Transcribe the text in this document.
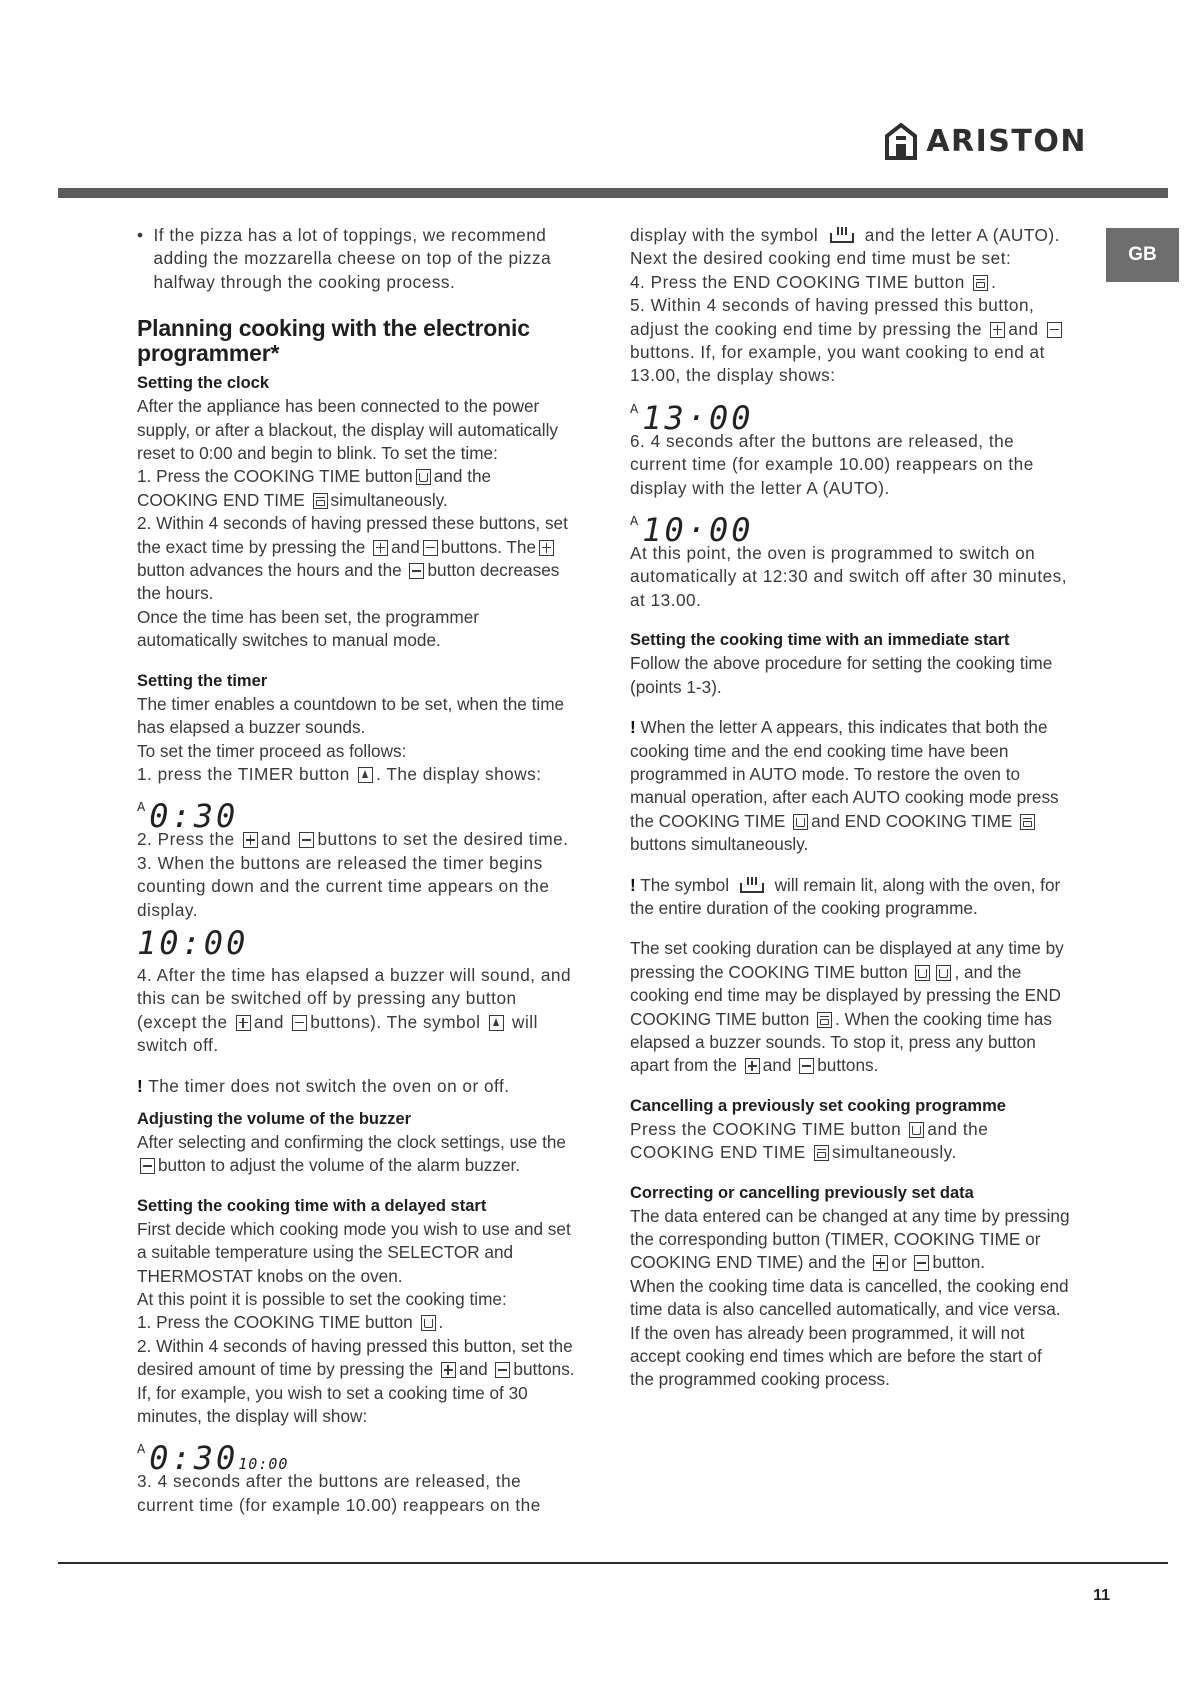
ARISTON
GB
• If the pizza has a lot of toppings, we recommend adding the mozzarella cheese on top of the pizza halfway through the cooking process.
Planning cooking with the electronic programmer*
Setting the clock

After the appliance has been connected to the power supply, or after a blackout, the display will automatically reset to 0:00 and begin to blink. To set the time:

1. Press the COOKING TIME button and the COOKING END TIME simultaneously.

2. Within 4 seconds of having pressed these buttons, set the exact time by pressing the and buttons. The button advances the hours and the button decreases the hours.

Once the time has been set, the programmer automatically switches to manual mode.

Setting the timer

The timer enables a countdown to be set, when the time has elapsed a buzzer sounds.

To set the timer proceed as follows:

1. press the TIMER button . The display shows:

$^A$ 0:30

2. Press the and buttons to set the desired time.

3. When the buttons are released the timer begins counting down and the current time appears on the display.

10:00

4. After the time has elapsed a buzzer will sound, and this can be switched off by pressing any button (except the and buttons). The symbol will switch off.

! The timer does not switch the oven on or off.

Adjusting the volume of the buzzer

After selecting and confirming the clock settings, use the button to adjust the volume of the alarm buzzer.

Setting the cooking time with a delayed start

First decide which cooking mode you wish to use and set a suitable temperature using the SELECTOR and THERMOSTAT knobs on the oven.

At this point it is possible to set the cooking time:

1. Press the COOKING TIME button .

2. Within 4 seconds of having pressed this button, set the desired amount of time by pressing the and buttons. If, for example, you wish to set a cooking time of 30 minutes, the display will show:

$^A$ 0:3010:00

3. 4 seconds after the buttons are released, the current time (for example 10.00) reappears on the

display with the symbol	and the letter A (AUTO). Next the desired cooking end time must be set:

4. Press the END COOKING TIME button .

5. Within 4 seconds of having pressed this button, adjust the cooking end time by pressing the and buttons. If, for example, you want cooking to end at 13.00, the display shows:

$^A$ 13·00

6. 4 seconds after the buttons are released, the current time (for example 10.00) reappears on the display with the letter A (AUTO).

$^A$ 10·00

At this point, the oven is programmed to switch on automatically at 12:30 and switch off after 30 minutes, at 13.00.

Setting the cooking time with an immediate start

Follow the above procedure for setting the cooking time (points 1-3).

! When the letter A appears, this indicates that both the cooking time and the end cooking time have been programmed in AUTO mode. To restore the oven to manual operation, after each AUTO cooking mode press the COOKING TIME and END COOKING TIME buttons simultaneously.

! The symbol	will remain lit, along with the oven, for the entire duration of the cooking programme.

The set cooking duration can be displayed at any time by pressing the COOKING TIME button	, and the cooking end time may be displayed by pressing the END COOKING TIME button . When the cooking time has elapsed a buzzer sounds. To stop it, press any button apart from the and buttons.

Cancelling a previously set cooking programme

Press the COOKING TIME button and the COOKING END TIME simultaneously.

Correcting or cancelling previously set data

The data entered can be changed at any time by pressing the corresponding button (TIMER, COOKING TIME or COOKING END TIME) and the or button.

When the cooking time data is cancelled, the cooking end time data is also cancelled automatically, and vice versa. If the oven has already been programmed, it will not accept cooking end times which are before the start of the programmed cooking process.

11
